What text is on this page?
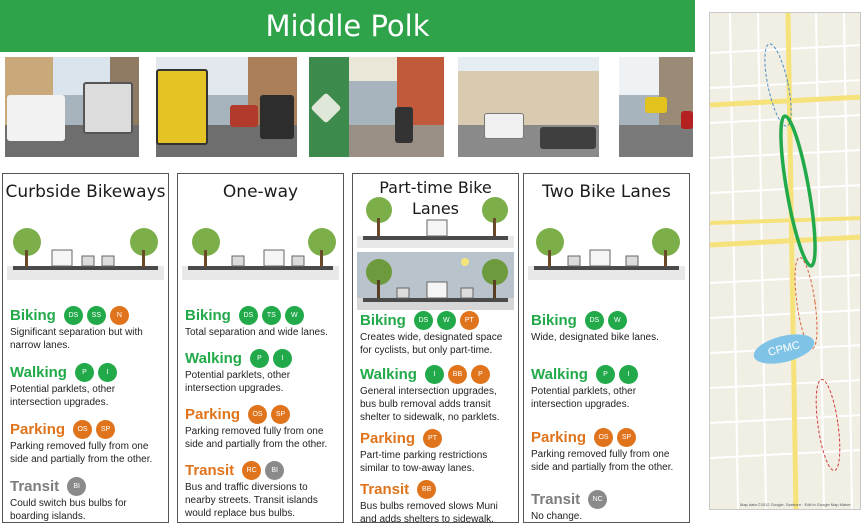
Middle Polk
CPMC
Map data ©2012 Google, Sanborn · Edit in Google Map Maker
Curbside Bikeways
Biking	DS	SS	N
Significant separation but with narrow lanes.
Walking	P	I
Potential parklets, other intersection upgrades.
Parking	OS	SP
Parking removed fully from one side and partially from the other.
Transit	BI
Could switch bus bulbs for boarding islands.
One-way
Biking	DS	TS	W
Total separation and wide lanes.
Walking	P	I
Potential parklets, other intersection upgrades.
Parking	OS	SP
Parking removed fully from one side and partially from the other.
Transit	RC	BI
Bus and traffic diversions to nearby streets. Transit islands would replace bus bulbs.
Part-time Bike Lanes
Biking	DS	W	PT
Creates wide, designated space for cyclists, but only part-time.
Walking	I	BB	P
General intersection upgrades, bus bulb removal adds transit shelter to sidewalk, no parklets.
Parking	PT
Part-time parking restrictions similar to tow-away lanes.
Transit	BB
Bus bulbs removed slows Muni and adds shelters to sidewalk.
Two Bike Lanes
Biking	DS	W
Wide, designated bike lanes.
Walking	P	I
Potential parklets, other intersection upgrades.
Parking	OS	SP
Parking removed fully from one side and partially from the other.
Transit	NC
No change.
